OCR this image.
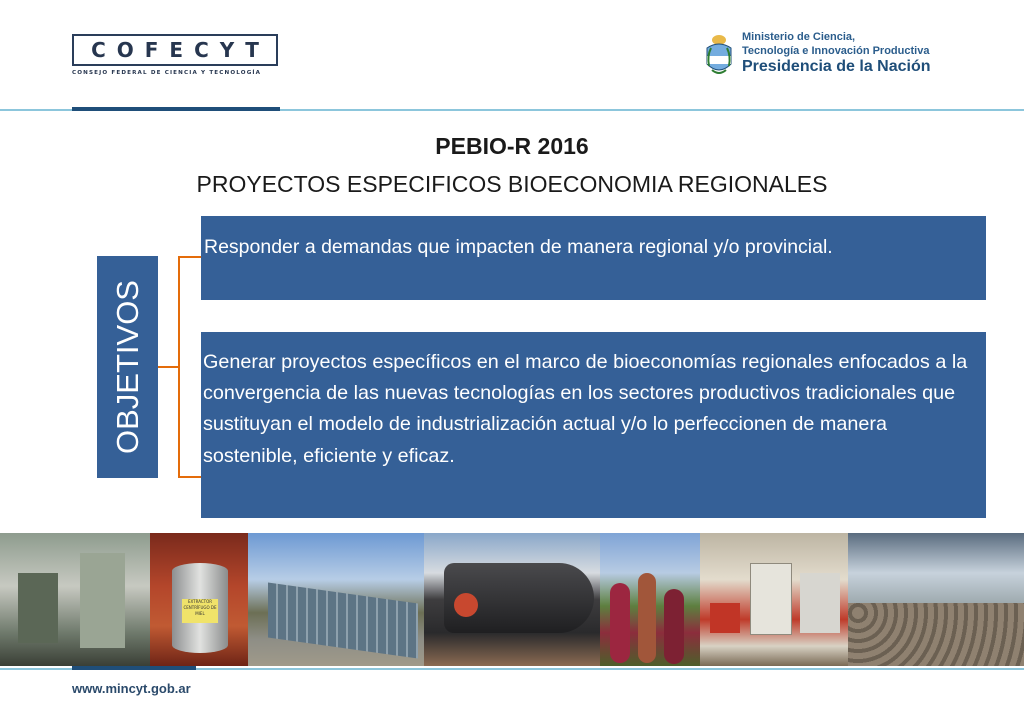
COFECYT
CONSEJO FEDERAL DE CIENCIA Y TECNOLOGÍA
Ministerio de Ciencia,
Tecnología e Innovación Productiva
Presidencia de la Nación
PEBIO-R 2016
PROYECTOS ESPECIFICOS BIOECONOMIA REGIONALES
OBJETIVOS
Responder a demandas que impacten de manera regional y/o provincial.
Generar proyectos específicos en el marco de bioeconomías regionales enfocados a la convergencia de las nuevas tecnologías en los sectores productivos tradicionales que sustituyan el modelo de industrialización actual y/o lo perfeccionen de manera sostenible, eficiente y eficaz.
EXTRACTOR CENTRÍFUGO DE MIEL
www.mincyt.gob.ar
